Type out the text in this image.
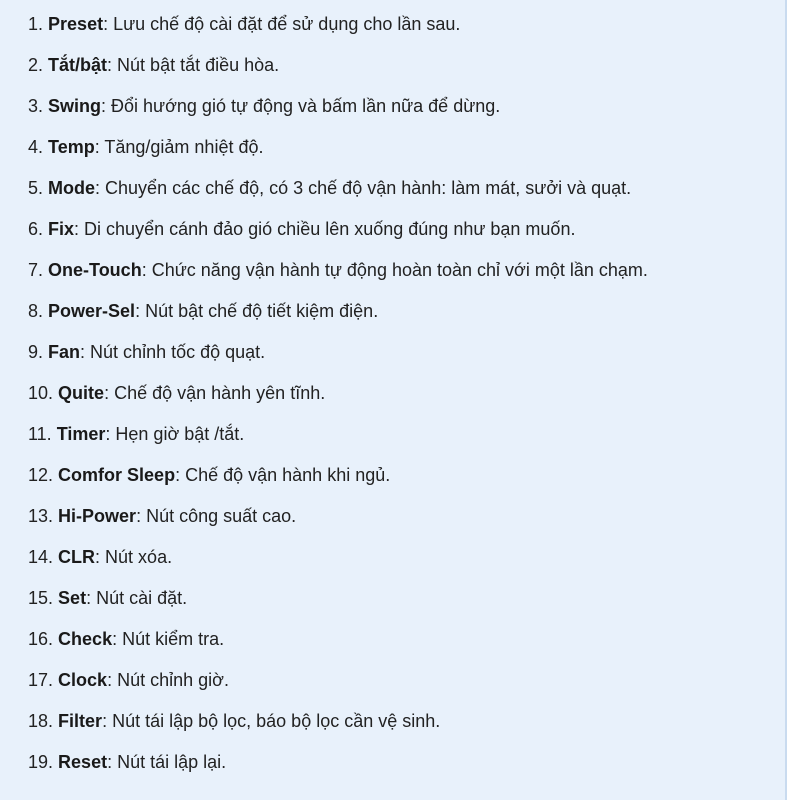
1. Preset: Lưu chế độ cài đặt để sử dụng cho lần sau.
2. Tắt/bật: Nút bật tắt điều hòa.
3. Swing: Đổi hướng gió tự động và bấm lần nữa để dừng.
4. Temp: Tăng/giảm nhiệt độ.
5. Mode: Chuyển các chế độ, có 3 chế độ vận hành: làm mát, sưởi và quạt.
6. Fix: Di chuyển cánh đảo gió chiều lên xuống đúng như bạn muốn.
7. One-Touch: Chức năng vận hành tự động hoàn toàn chỉ với một lần chạm.
8. Power-Sel: Nút bật chế độ tiết kiệm điện.
9. Fan: Nút chỉnh tốc độ quạt.
10. Quite: Chế độ vận hành yên tĩnh.
11. Timer: Hẹn giờ bật /tắt.
12. Comfor Sleep: Chế độ vận hành khi ngủ.
13. Hi-Power: Nút công suất cao.
14. CLR: Nút xóa.
15. Set: Nút cài đặt.
16. Check: Nút kiểm tra.
17. Clock: Nút chỉnh giờ.
18. Filter: Nút tái lập bộ lọc, báo bộ lọc cần vệ sinh.
19. Reset: Nút tái lập lại.
